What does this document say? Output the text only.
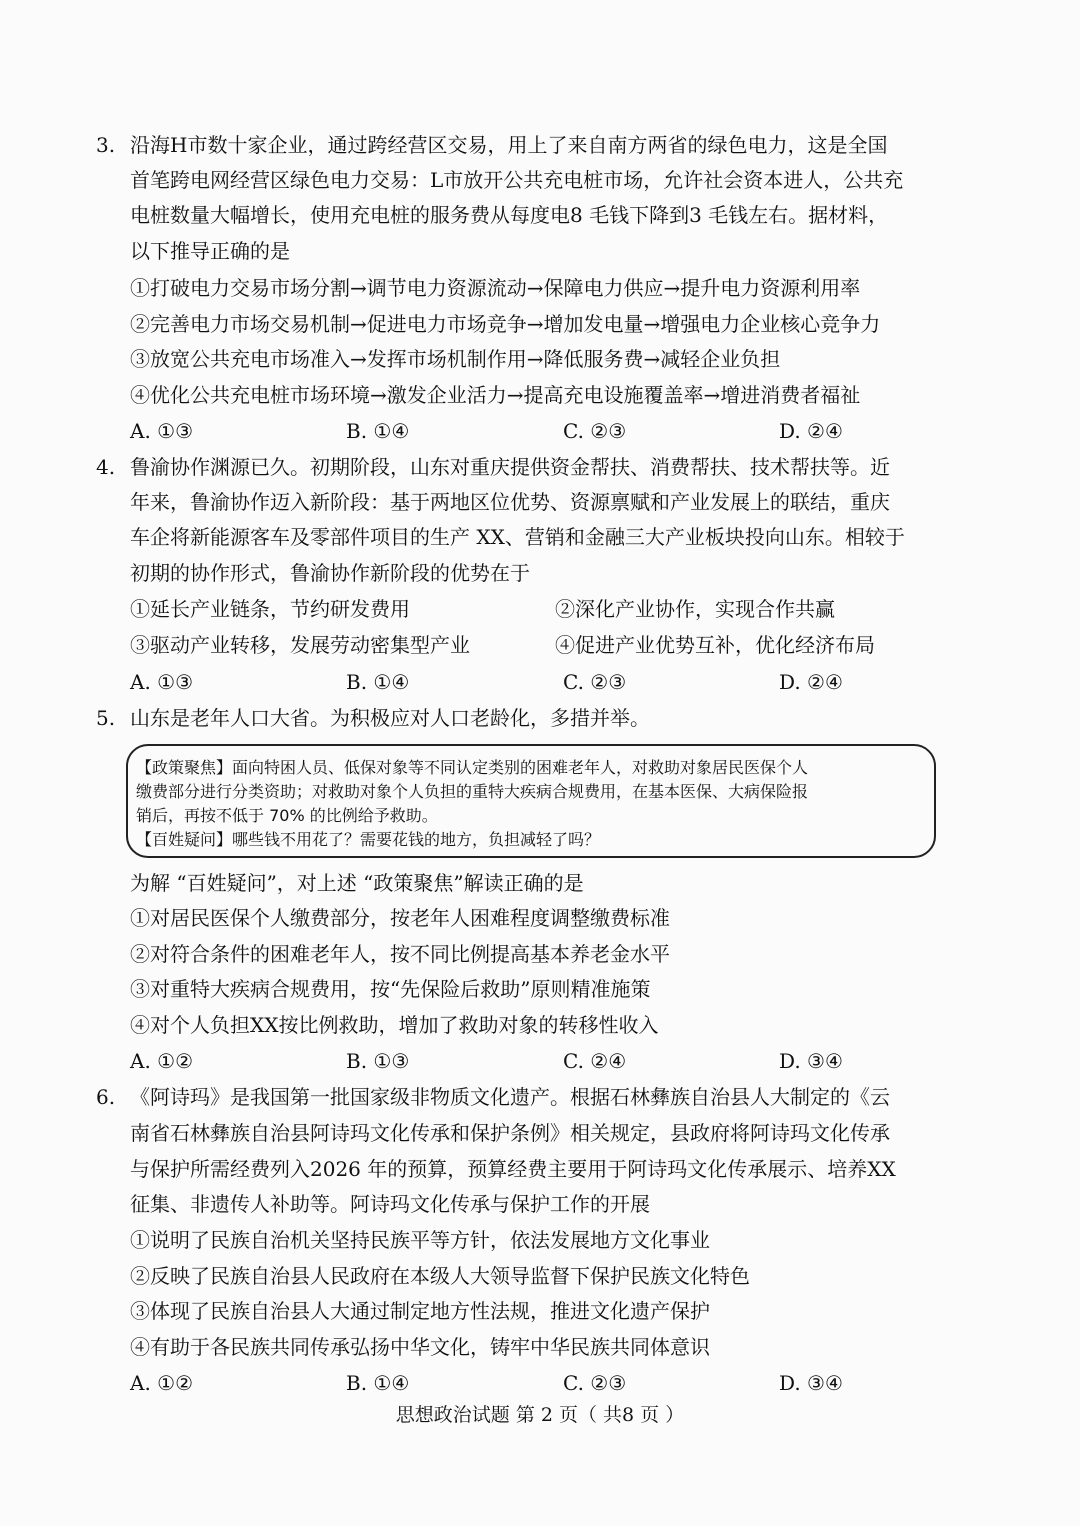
3. 沿海H市数十家企业，通过跨经营区交易，用上了来自南方两省的绿色电力，这是全国
首笔跨电网经营区绿色电力交易：L市放开公共充电桩市场，允许社会资本进人，公共充
电桩数量大幅增长，使用充电桩的服务费从每度电8 毛钱下降到3 毛钱左右。据材料，
以下推导正确的是
①打破电力交易市场分割→调节电力资源流动→保障电力供应→提升电力资源利用率
②完善电力市场交易机制→促进电力市场竞争→增加发电量→增强电力企业核心竞争力
③放宽公共充电市场准入→发挥市场机制作用→降低服务费→减轻企业负担
④优化公共充电桩市场环境→激发企业活力→提高充电设施覆盖率→增进消费者福祉
A. ①③	B. ①④	C. ②③	D. ②④
4. 鲁渝协作渊源已久。初期阶段，山东对重庆提供资金帮扶、消费帮扶、技术帮扶等。近
年来，鲁渝协作迈入新阶段：基于两地区位优势、资源禀赋和产业发展上的联结，重庆
车企将新能源客车及零部件项目的生产 XX、营销和金融三大产业板块投向山东。相较于
初期的协作形式，鲁渝协作新阶段的优势在于
①延长产业链条，节约研发费用	②深化产业协作，实现合作共赢
③驱动产业转移，发展劳动密集型产业	④促进产业优势互补，优化经济布局
A. ①③	B. ①④	C. ②③	D. ②④
5. 山东是老年人口大省。为积极应对人口老龄化，多措并举。
【政策聚焦】面向特困人员、低保对象等不同认定类别的困难老年人，对救助对象居民医保个人
缴费部分进行分类资助；对救助对象个人负担的重特大疾病合规费用，在基本医保、大病保险报
销后，再按不低于 70% 的比例给予救助。
【百姓疑问】哪些钱不用花了？需要花钱的地方，负担减轻了吗？
为解 “百姓疑问”，对上述 “政策聚焦”解读正确的是
①对居民医保个人缴费部分，按老年人困难程度调整缴费标准
②对符合条件的困难老年人，按不同比例提高基本养老金水平
③对重特大疾病合规费用，按“先保险后救助”原则精准施策
④对个人负担XX按比例救助，增加了救助对象的转移性收入
A. ①②	B. ①③	C. ②④	D. ③④
6. 《阿诗玛》是我国第一批国家级非物质文化遗产。根据石林彝族自治县人大制定的《云
南省石林彝族自治县阿诗玛文化传承和保护条例》相关规定，县政府将阿诗玛文化传承
与保护所需经费列入2026 年的预算，预算经费主要用于阿诗玛文化传承展示、培养XX
征集、非遗传人补助等。阿诗玛文化传承与保护工作的开展
①说明了民族自治机关坚持民族平等方针，依法发展地方文化事业
②反映了民族自治县人民政府在本级人大领导监督下保护民族文化特色
③体现了民族自治县人大通过制定地方性法规，推进文化遗产保护
④有助于各民族共同传承弘扬中华文化，铸牢中华民族共同体意识
A. ①②	B. ①④	C. ②③	D. ③④
思想政治试题 第 2 页（ 共8 页 ）
